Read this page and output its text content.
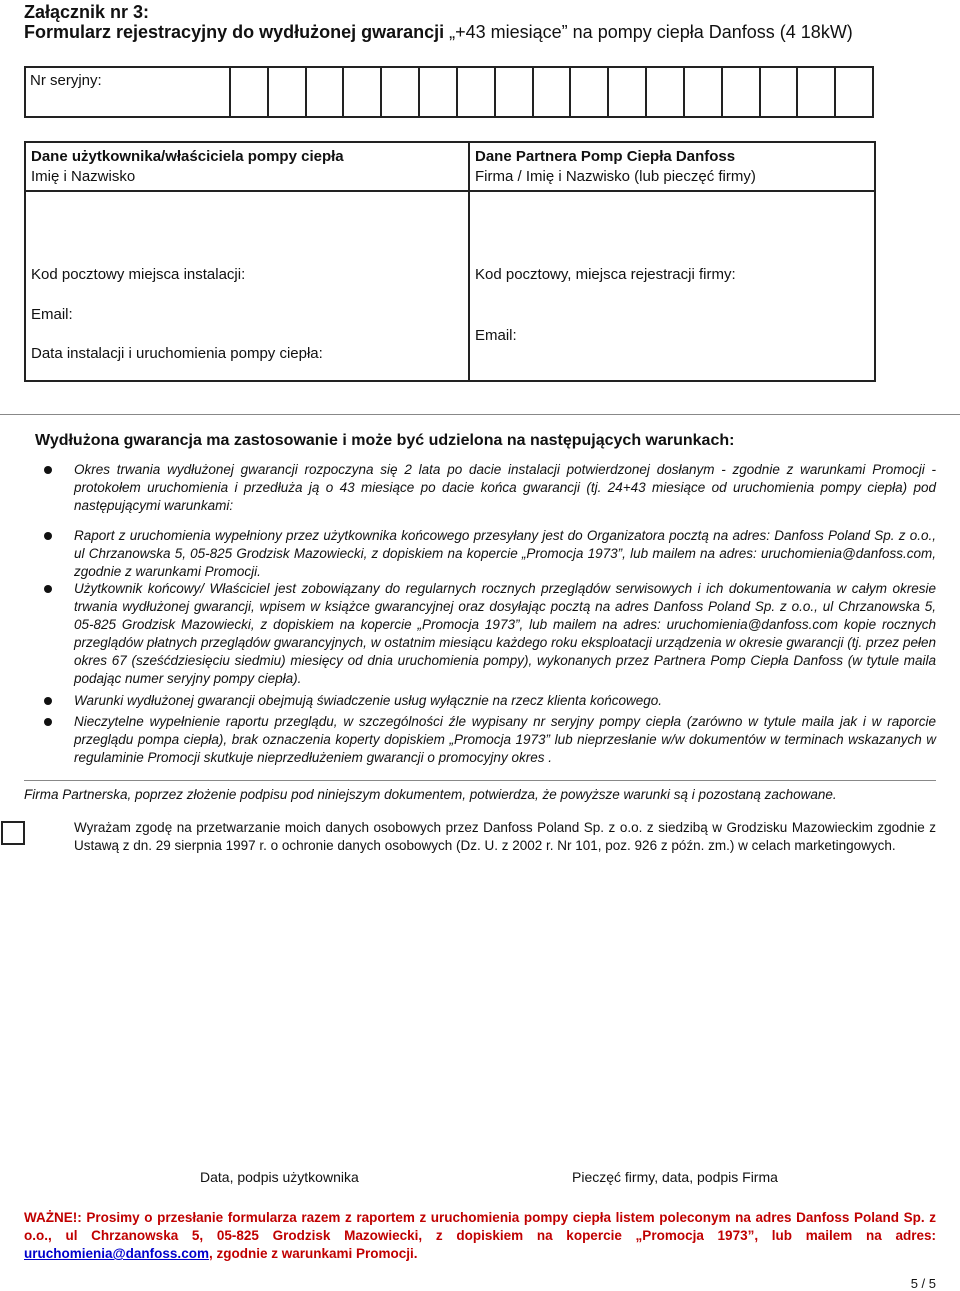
Załącznik nr 3:
Formularz rejestracyjny do wydłużonej gwarancji „+43 miesiące” na pompy ciepła Danfoss (4 18kW)
Nr seryjny:
Dane użytkownika/właściciela pompy ciepła
Imię i Nazwisko
Dane Partnera Pomp Ciepła Danfoss
Firma / Imię i Nazwisko (lub pieczęć firmy)
Kod pocztowy miejsca instalacji:
Email:
Data instalacji i uruchomienia pompy ciepła:
Kod pocztowy, miejsca rejestracji firmy:
Email:
Wydłużona gwarancja ma zastosowanie i może być udzielona na następujących warunkach:
Okres trwania wydłużonej gwarancji rozpoczyna się 2 lata po dacie instalacji potwierdzonej dosłanym - zgodnie z warunkami Promocji - protokołem uruchomienia i przedłuża ją o 43 miesiące po dacie końca gwarancji (tj. 24+43 miesiące od uruchomienia pompy ciepła) pod następującymi warunkami:
Raport z uruchomienia wypełniony przez użytkownika końcowego przesyłany jest do Organizatora pocztą na adres: Danfoss Poland Sp. z o.o., ul Chrzanowska 5, 05-825 Grodzisk Mazowiecki, z dopiskiem na kopercie „Promocja 1973”, lub mailem na adres: uruchomienia@danfoss.com, zgodnie z warunkami Promocji.
Użytkownik końcowy/ Właściciel jest zobowiązany do regularnych rocznych przeglądów serwisowych i ich dokumentowania w całym okresie trwania wydłużonej gwarancji, wpisem w książce gwarancyjnej oraz dosyłając pocztą na adres Danfoss Poland Sp. z o.o., ul Chrzanowska 5, 05-825 Grodzisk Mazowiecki, z dopiskiem na kopercie „Promocja 1973”, lub mailem na adres: uruchomienia@danfoss.com kopie rocznych przeglądów płatnych przeglądów gwarancyjnych, w ostatnim miesiącu każdego roku eksploatacji urządzenia w okresie gwarancji (tj. przez pełen okres 67 (sześćdziesięciu siedmiu) miesięcy od dnia uruchomienia pompy), wykonanych przez Partnera Pomp Ciepła Danfoss (w tytule maila podając numer seryjny pompy ciepła).
Warunki wydłużonej gwarancji obejmują świadczenie usług wyłącznie na rzecz klienta końcowego.
Nieczytelne wypełnienie raportu przeglądu, w szczególności źle wypisany nr seryjny pompy ciepła (zarówno w tytule maila jak i w raporcie przeglądu pompa ciepła), brak oznaczenia koperty dopiskiem „Promocja 1973” lub nieprzesłanie w/w dokumentów w terminach wskazanych w regulaminie Promocji skutkuje nieprzedłużeniem gwarancji o promocyjny okres .
Firma Partnerska, poprzez złożenie podpisu pod niniejszym dokumentem, potwierdza, że powyższe warunki są i pozostaną zachowane.
Wyrażam zgodę na przetwarzanie moich danych osobowych przez Danfoss Poland Sp. z o.o. z siedzibą w Grodzisku Mazowieckim zgodnie z Ustawą z dn. 29 sierpnia 1997 r. o ochronie danych osobowych (Dz. U. z 2002 r. Nr 101, poz. 926 z późn. zm.) w celach marketingowych.
Data, podpis użytkownika	Pieczęć firmy, data, podpis Firma
WAŻNE!: Prosimy o przesłanie formularza razem z raportem z uruchomienia pompy ciepła listem poleconym na adres Danfoss Poland Sp. z o.o., ul Chrzanowska 5, 05-825 Grodzisk Mazowiecki, z dopiskiem na kopercie „Promocja 1973”, lub mailem na adres: uruchomienia@danfoss.com, zgodnie z warunkami Promocji.
5 / 5
